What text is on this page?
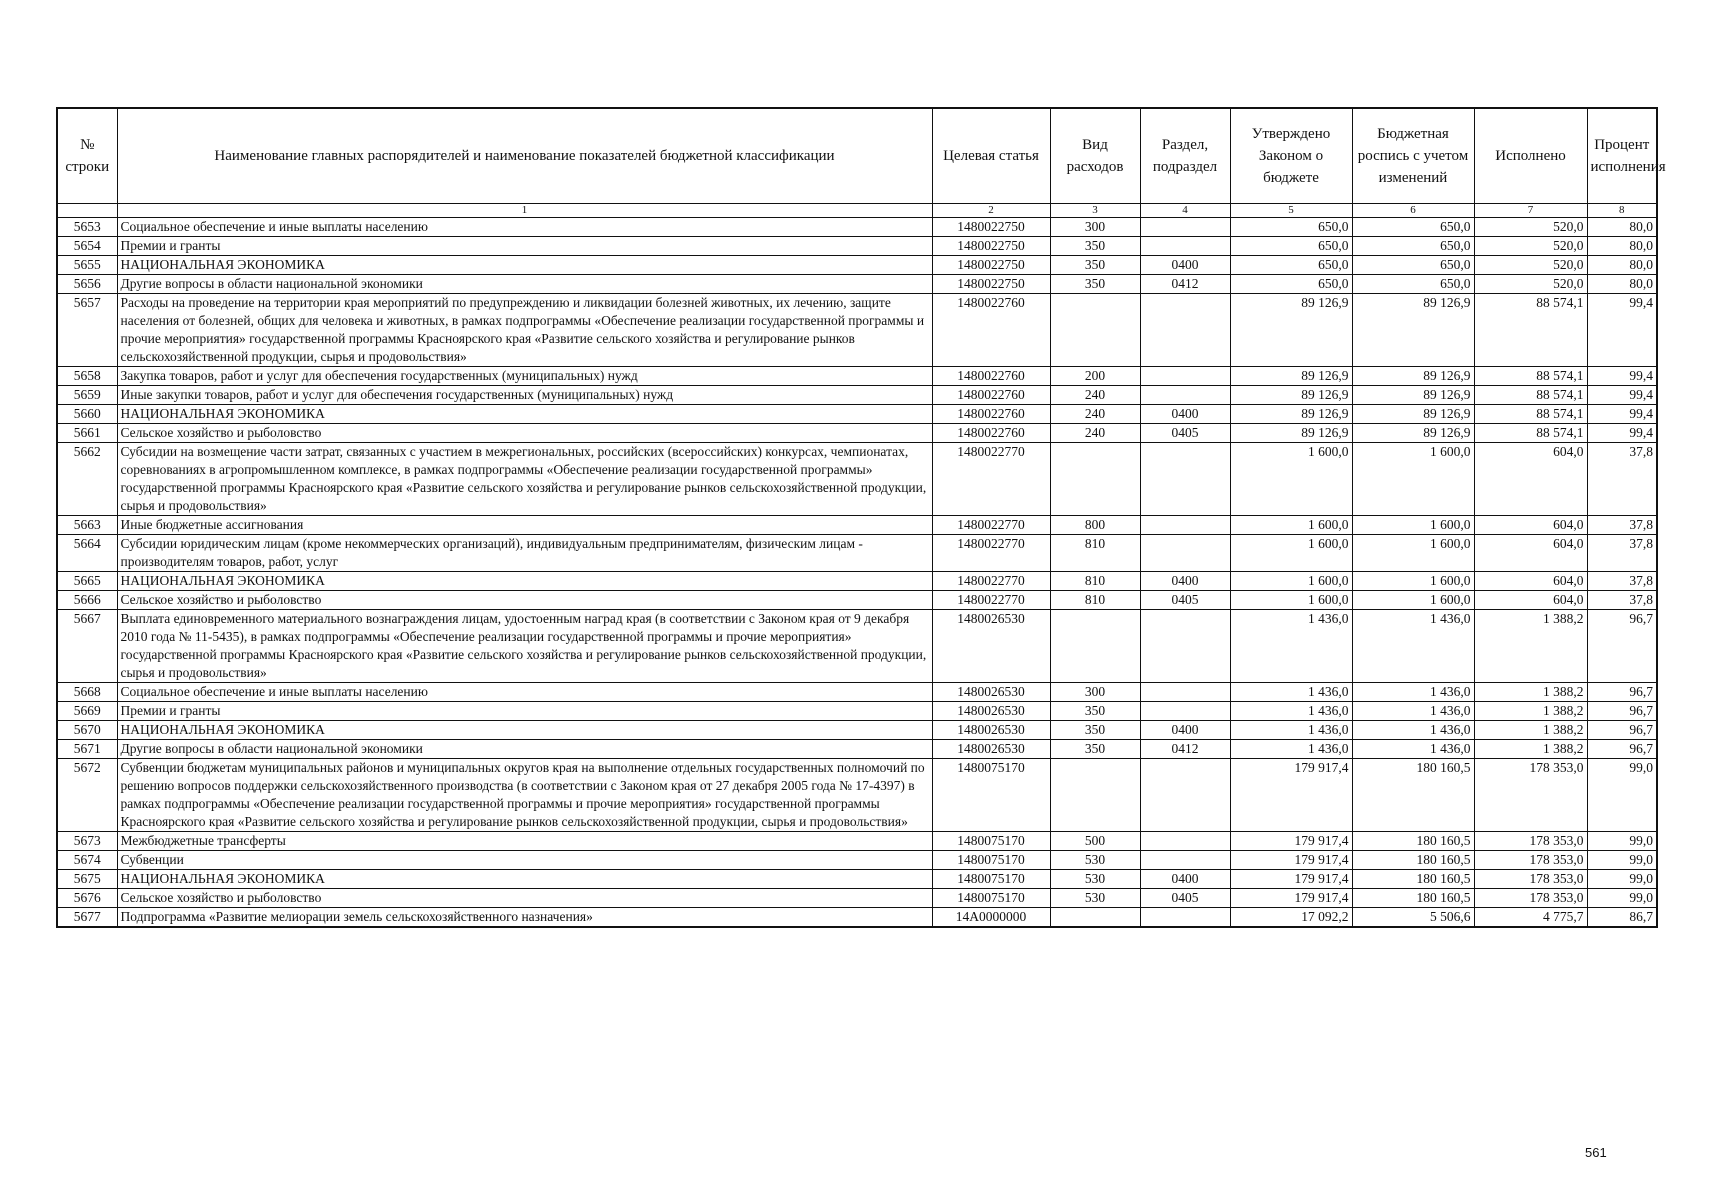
№ строки	Наименование главных распорядителей и наименование показателей бюджетной классификации	Целевая статья	Вид расходов	Раздел, подраздел	Утверждено Законом о бюджете	Бюджетная роспись с учетом изменений	Исполнено	Процент исполнения
	1	2	3	4	5	6	7	8
5653	Социальное обеспечение и иные выплаты населению	1480022750	300		650,0	650,0	520,0	80,0
5654	Премии и гранты	1480022750	350		650,0	650,0	520,0	80,0
5655	НАЦИОНАЛЬНАЯ ЭКОНОМИКА	1480022750	350	0400	650,0	650,0	520,0	80,0
5656	Другие вопросы в области национальной экономики	1480022750	350	0412	650,0	650,0	520,0	80,0
5657	Расходы на проведение на территории края мероприятий по предупреждению и ликвидации болезней животных, их лечению, защите населения от болезней, общих для человека и животных, в рамках подпрограммы «Обеспечение реализации государственной программы и прочие мероприятия» государственной программы Красноярского края «Развитие сельского хозяйства и регулирование рынков сельскохозяйственной продукции, сырья и продовольствия»	1480022760			89 126,9	89 126,9	88 574,1	99,4
5658	Закупка товаров, работ и услуг для обеспечения государственных (муниципальных) нужд	1480022760	200		89 126,9	89 126,9	88 574,1	99,4
5659	Иные закупки товаров, работ и услуг для обеспечения государственных (муниципальных) нужд	1480022760	240		89 126,9	89 126,9	88 574,1	99,4
5660	НАЦИОНАЛЬНАЯ ЭКОНОМИКА	1480022760	240	0400	89 126,9	89 126,9	88 574,1	99,4
5661	Сельское хозяйство и рыболовство	1480022760	240	0405	89 126,9	89 126,9	88 574,1	99,4
5662	Субсидии на возмещение части затрат, связанных с участием в межрегиональных, российских (всероссийских) конкурсах, чемпионатах, соревнованиях в агропромышленном комплексе, в рамках подпрограммы «Обеспечение реализации государственной программы» государственной программы Красноярского края «Развитие сельского хозяйства и регулирование рынков сельскохозяйственной продукции, сырья и продовольствия»	1480022770			1 600,0	1 600,0	604,0	37,8
5663	Иные бюджетные ассигнования	1480022770	800		1 600,0	1 600,0	604,0	37,8
5664	Субсидии юридическим лицам (кроме некоммерческих организаций), индивидуальным предпринимателям, физическим лицам - производителям товаров, работ, услуг	1480022770	810		1 600,0	1 600,0	604,0	37,8
5665	НАЦИОНАЛЬНАЯ ЭКОНОМИКА	1480022770	810	0400	1 600,0	1 600,0	604,0	37,8
5666	Сельское хозяйство и рыболовство	1480022770	810	0405	1 600,0	1 600,0	604,0	37,8
5667	Выплата единовременного материального вознаграждения лицам, удостоенным наград края (в соответствии с Законом края от 9 декабря 2010 года № 11-5435), в рамках подпрограммы «Обеспечение реализации государственной программы и прочие мероприятия» государственной программы Красноярского края «Развитие сельского хозяйства и регулирование рынков сельскохозяйственной продукции, сырья и продовольствия»	1480026530			1 436,0	1 436,0	1 388,2	96,7
5668	Социальное обеспечение и иные выплаты населению	1480026530	300		1 436,0	1 436,0	1 388,2	96,7
5669	Премии и гранты	1480026530	350		1 436,0	1 436,0	1 388,2	96,7
5670	НАЦИОНАЛЬНАЯ ЭКОНОМИКА	1480026530	350	0400	1 436,0	1 436,0	1 388,2	96,7
5671	Другие вопросы в области национальной экономики	1480026530	350	0412	1 436,0	1 436,0	1 388,2	96,7
5672	Субвенции бюджетам муниципальных районов и муниципальных округов края на выполнение отдельных государственных полномочий по решению вопросов поддержки сельскохозяйственного производства (в соответствии с Законом края от 27 декабря 2005 года № 17-4397) в рамках подпрограммы «Обеспечение реализации государственной программы и прочие мероприятия» государственной программы Красноярского края «Развитие сельского хозяйства и регулирование рынков сельскохозяйственной продукции, сырья и продовольствия»	1480075170			179 917,4	180 160,5	178 353,0	99,0
5673	Межбюджетные трансферты	1480075170	500		179 917,4	180 160,5	178 353,0	99,0
5674	Субвенции	1480075170	530		179 917,4	180 160,5	178 353,0	99,0
5675	НАЦИОНАЛЬНАЯ ЭКОНОМИКА	1480075170	530	0400	179 917,4	180 160,5	178 353,0	99,0
5676	Сельское хозяйство и рыболовство	1480075170	530	0405	179 917,4	180 160,5	178 353,0	99,0
5677	Подпрограмма «Развитие мелиорации земель сельскохозяйственного назначения»	14А0000000			17 092,2	5 506,6	4 775,7	86,7
561
